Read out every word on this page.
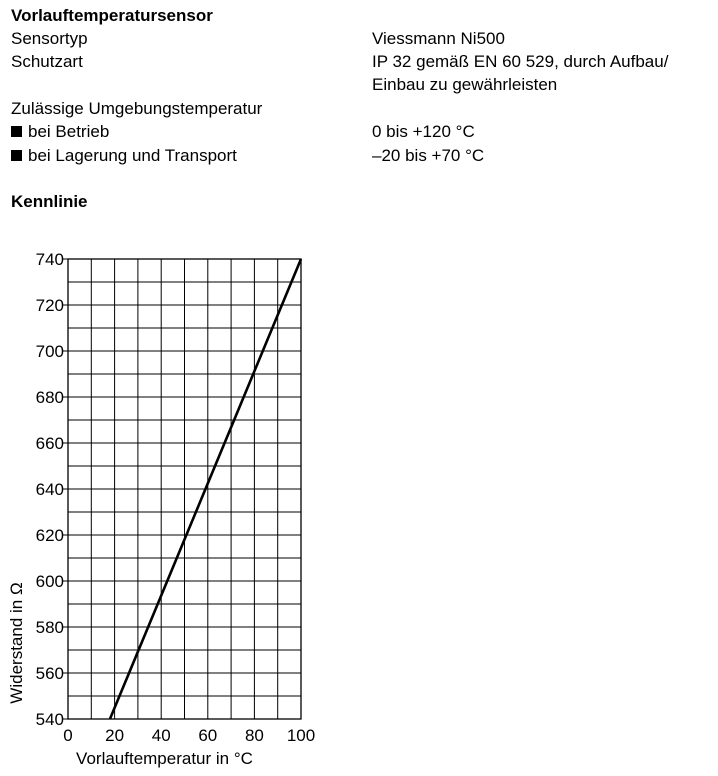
Vorlauftemperatursensor
Sensortyp	Viessmann Ni500
Schutzart	IP 32 gemäß EN 60 529, durch Aufbau/
Einbau zu gewährleisten
Zulässige Umgebungstemperatur
bei Betrieb	0 bis +120 °C
bei Lagerung und Transport	–20 bis +70 °C
Kennlinie
540
560
580
600
620
640
660
680
700
720
740
0 20 40 60 80 100
Vorlauftemperatur in °C
Widerstand in Ω
